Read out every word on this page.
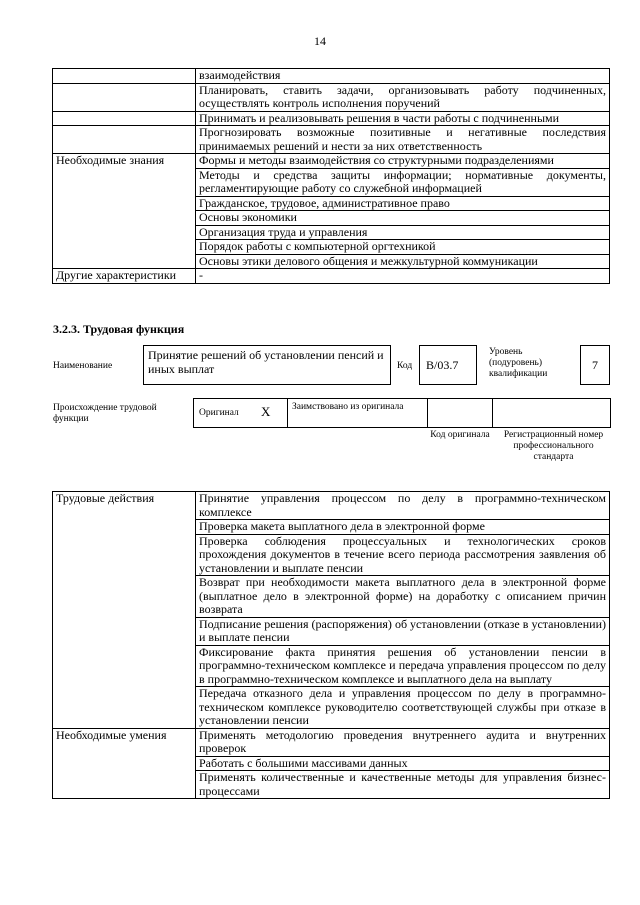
14
	взаимодействия
	Планировать, ставить задачи, организовывать работу подчиненных, осуществлять контроль исполнения поручений
	Принимать и реализовывать решения в части работы с подчиненными
	Прогнозировать возможные позитивные и негативные последствия принимаемых решений и нести за них ответственность
Необходимые знания	Формы и методы взаимодействия со структурными подразделениями
	Методы и средства защиты информации; нормативные документы, регламентирующие работу со служебной информацией
	Гражданское, трудовое, административное право
	Основы экономики
	Организация труда и управления
	Порядок работы с компьютерной оргтехникой
	Основы этики делового общения и межкультурной коммуникации
Другие характеристики	-
3.2.3. Трудовая функция
Наименование
Принятие решений об установлении пенсий и иных выплат	Код	B/03.7
Уровень (подуровень) квалификации
7
Происхождение трудовой функции
Оригинал X Заимствовано из оригинала
Код оригинала	Регистрационный номер профессионального стандарта
Трудовые действия	Принятие управления процессом по делу в программно-техническом комплексе
	Проверка макета выплатного дела в электронной форме
	Проверка соблюдения процессуальных и технологических сроков прохождения документов в течение всего периода рассмотрения заявления об установлении и выплате пенсии
	Возврат при необходимости макета выплатного дела в электронной форме (выплатное дело в электронной форме) на доработку с описанием причин возврата
	Подписание решения (распоряжения) об установлении (отказе в установлении) и выплате пенсии
	Фиксирование факта принятия решения об установлении пенсии в программно-техническом комплексе и передача управления процессом по делу в программно-техническом комплексе и выплатного дела на выплату
	Передача отказного дела и управления процессом по делу в программно-техническом комплексе руководителю соответствующей службы при отказе в установлении пенсии
Необходимые умения	Применять методологию проведения внутреннего аудита и внутренних проверок
	Работать с большими массивами данных
	Применять количественные и качественные методы для управления бизнес-процессами
